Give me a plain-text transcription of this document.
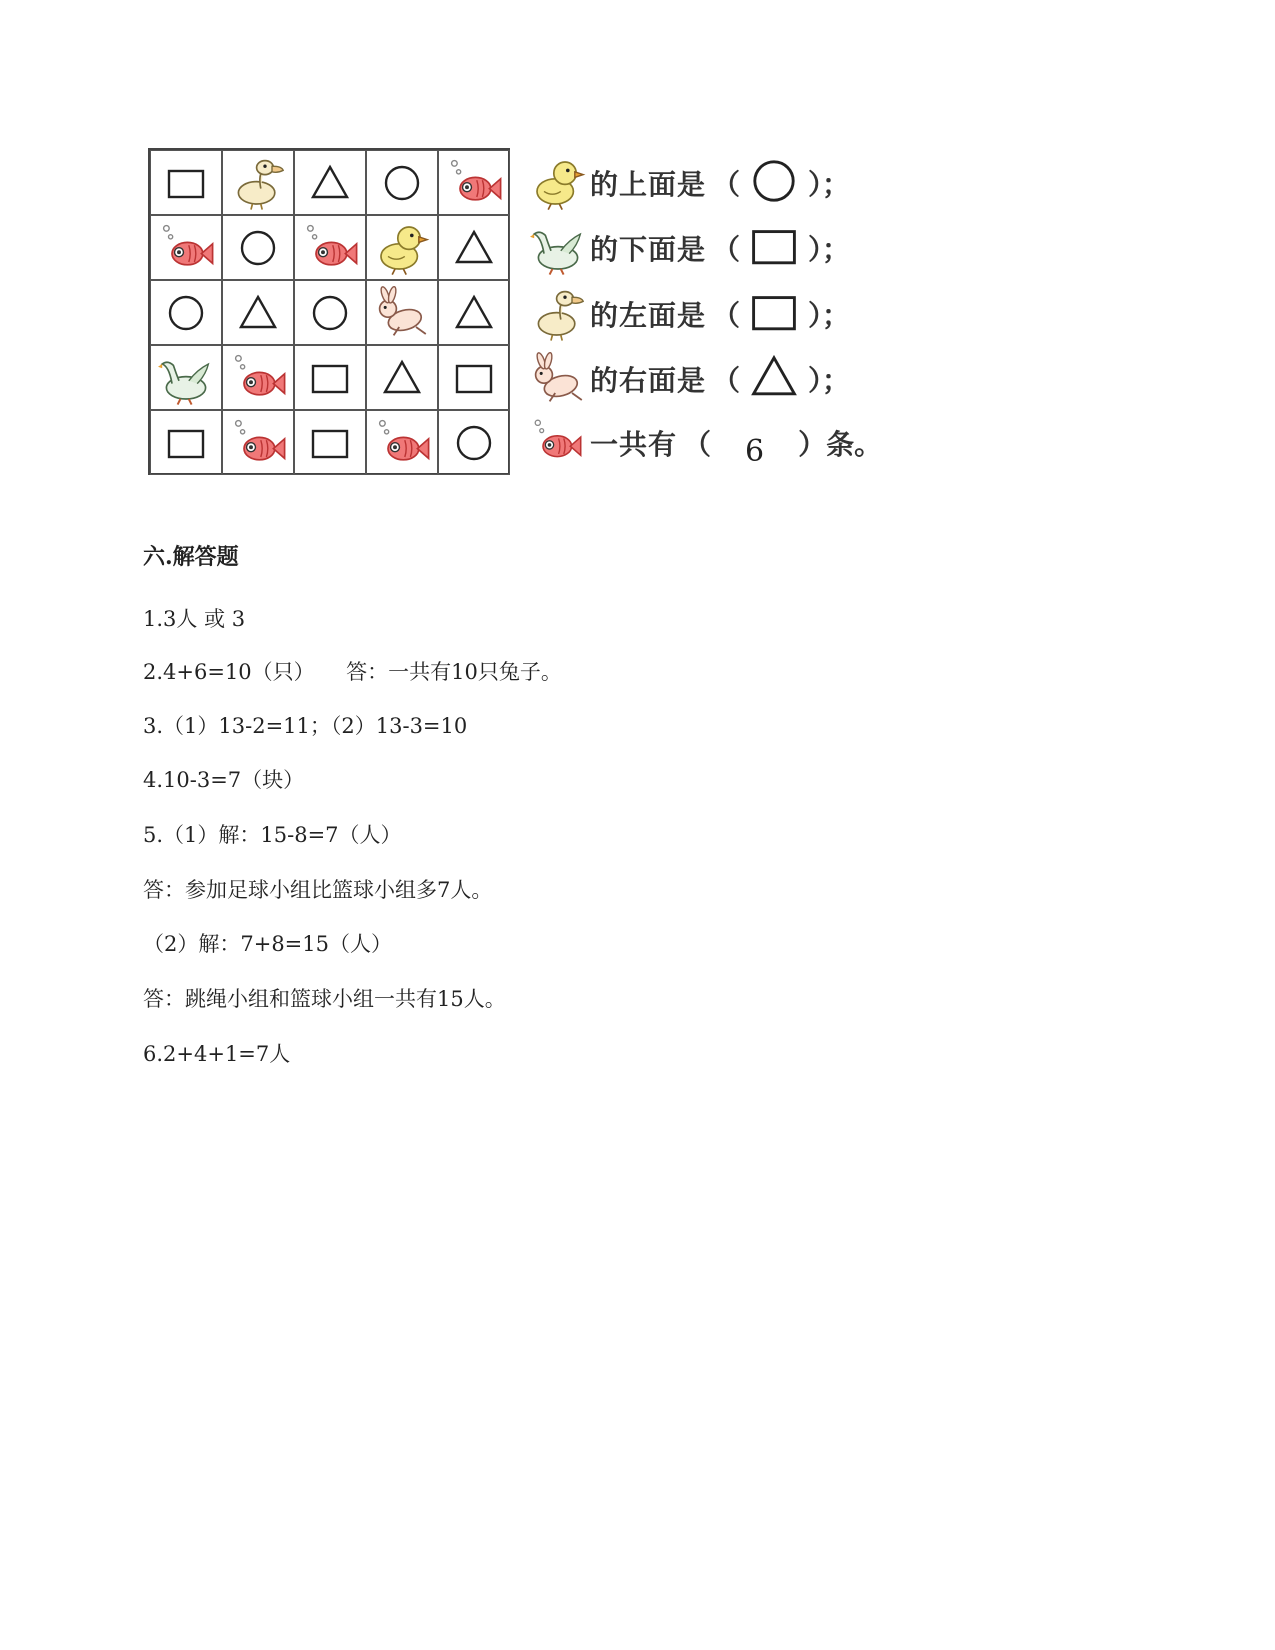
的上面是 （ ）；
的下面是 （ ）；
的左面是 （ ）；
的右面是 （ ）；
一共有 （ 6 ）条。
六.解答题
1.3人 或 3
2.4+6=10（只）　　答：一共有10只兔子。
3.（1）13-2=11；（2）13-3=10
4.10-3=7（块）
5.（1）解：15-8=7（人）
答：参加足球小组比篮球小组多7人。
（2）解：7+8=15（人）
答：跳绳小组和篮球小组一共有15人。
6.2+4+1=7人
